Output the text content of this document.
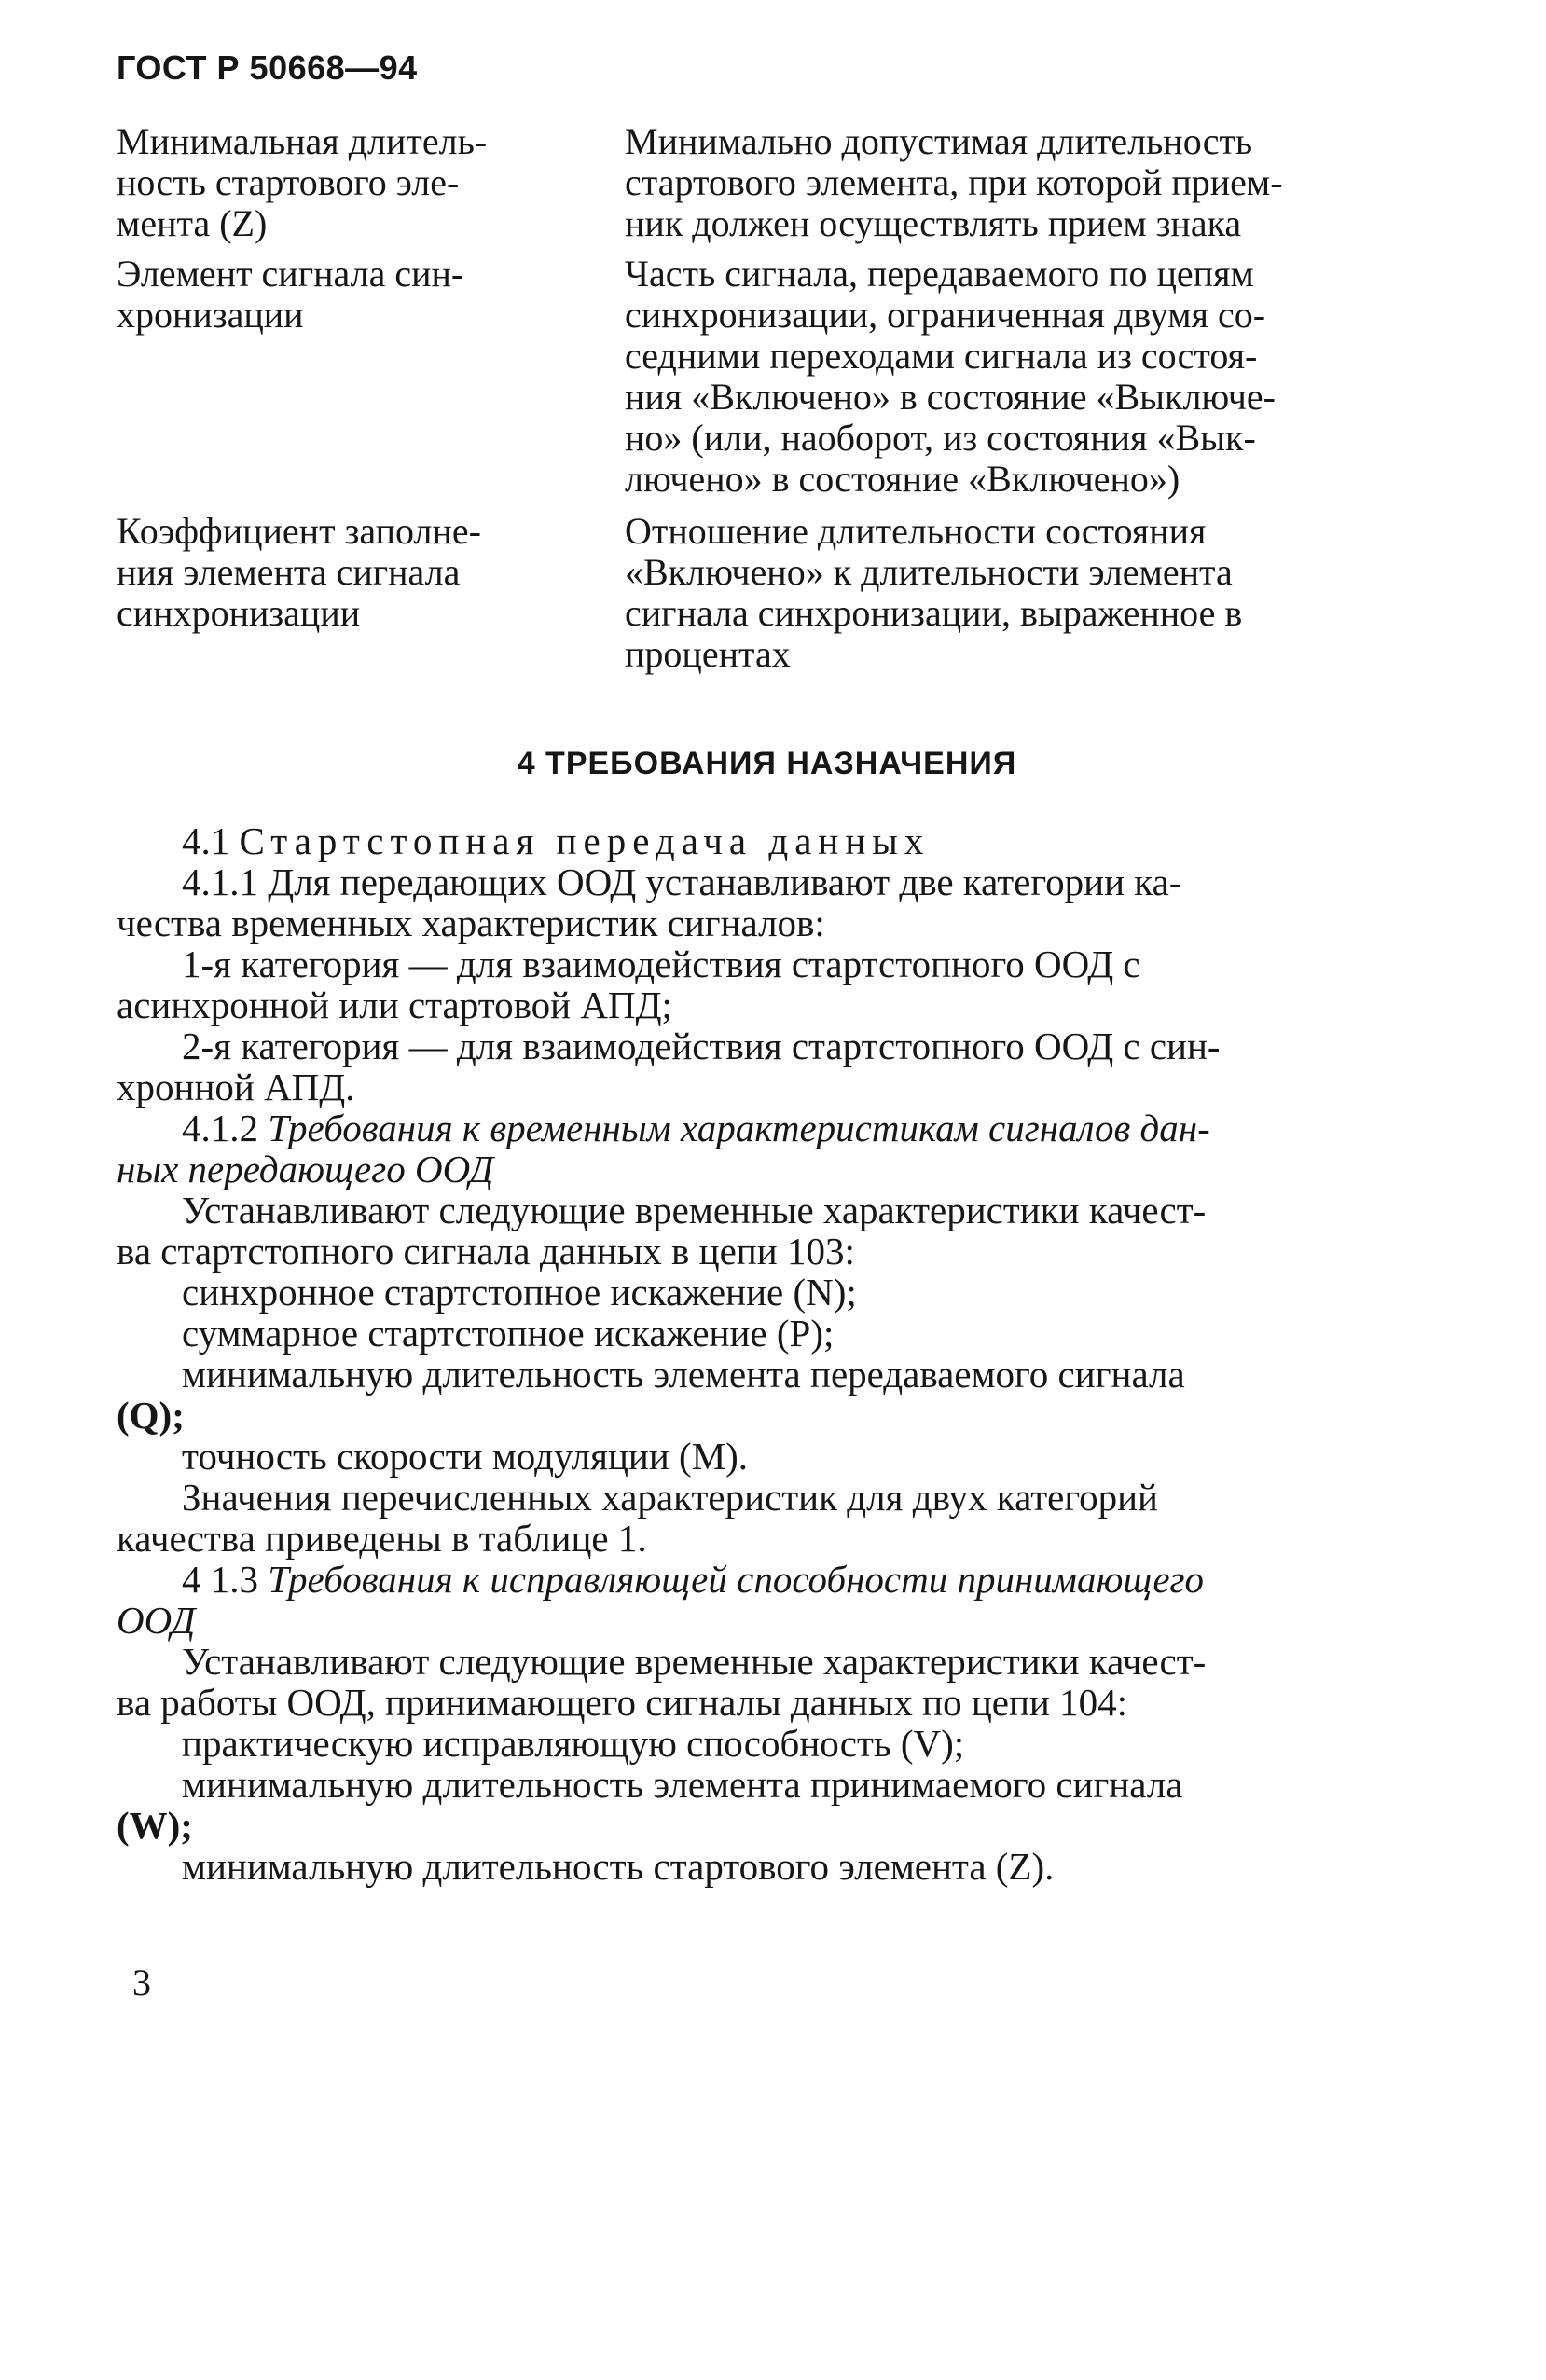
ГОСТ Р 50668—94
Минимальная длитель-
ность стартового эле-
мента (Z)
Минимально допустимая длительность
стартового элемента, при которой прием-
ник должен осуществлять прием знака
Элемент сигнала син-
хронизации
Часть сигнала, передаваемого по цепям
синхронизации, ограниченная двумя со-
седними переходами сигнала из состоя-
ния «Включено» в состояние «Выключе-
но» (или, наоборот, из состояния «Вык-
лючено» в состояние «Включено»)
Коэффициент заполне-
ния элемента сигнала
синхронизации
Отношение длительности состояния
«Включено» к длительности элемента
сигнала синхронизации, выраженное в
процентах
4 ТРЕБОВАНИЯ НАЗНАЧЕНИЯ
4.1 Стартстопная передача данных
4.1.1 Для передающих ООД устанавливают две категории ка-
чества временных характеристик сигналов:
1-я категория — для взаимодействия стартстопного ООД с
асинхронной или стартовой АПД;
2-я категория — для взаимодействия стартстопного ООД с син-
хронной АПД.
4.1.2 Требования к временным характеристикам сигналов дан-
ных передающего ООД
Устанавливают следующие временные характеристики качест-
ва стартстопного сигнала данных в цепи 103:
синхронное стартстопное искажение (N);
суммарное стартстопное искажение (P);
минимальную длительность элемента передаваемого сигнала
(Q);
точность скорости модуляции (М).
Значения перечисленных характеристик для двух категорий
качества приведены в таблице 1.
4 1.3 Требования к исправляющей способности принимающего
ООД
Устанавливают следующие временные характеристики качест-
ва работы ООД, принимающего сигналы данных по цепи 104:
практическую исправляющую способность (V);
минимальную длительность элемента принимаемого сигнала
(W);
минимальную длительность стартового элемента (Z).
3
